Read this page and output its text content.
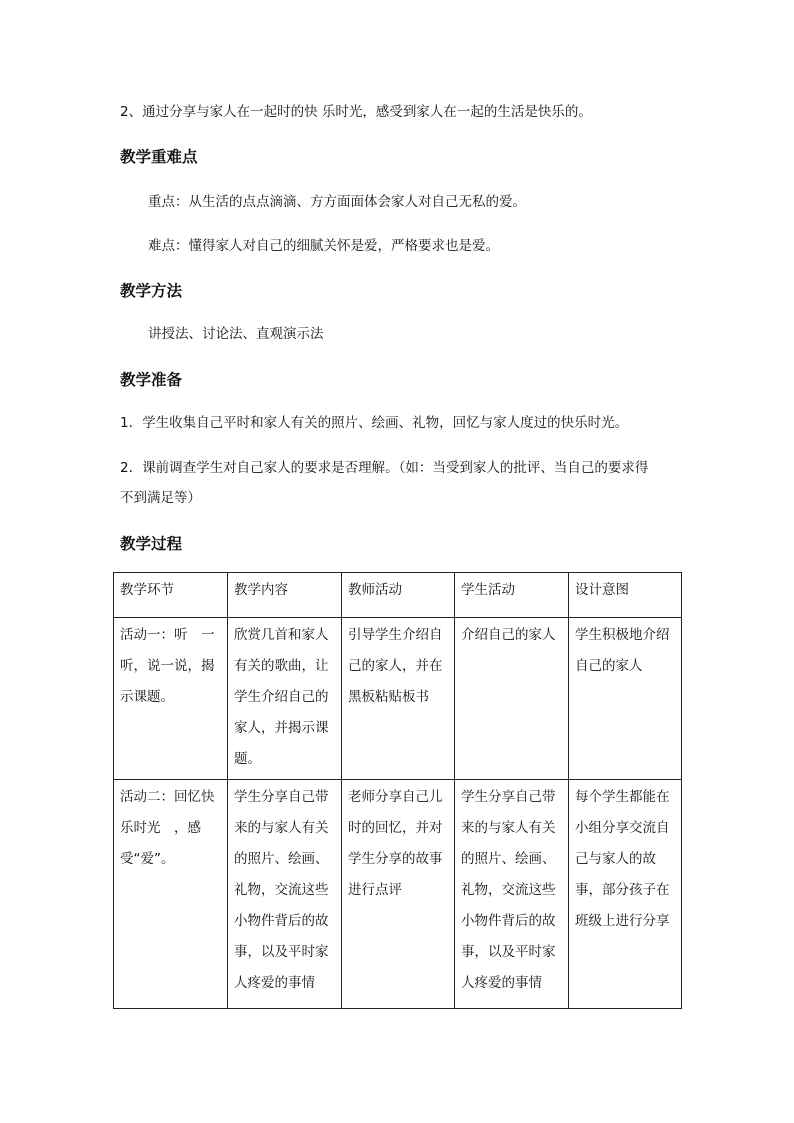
2、通过分享与家人在一起时的快 乐时光，感受到家人在一起的生活是快乐的。
教学重难点
重点：从生活的点点滴滴、方方面面体会家人对自己无私的爱。
难点：懂得家人对自己的细腻关怀是爱，严格要求也是爱。
教学方法
讲授法、讨论法、直观演示法
教学准备
1．学生收集自己平时和家人有关的照片、绘画、礼物，回忆与家人度过的快乐时光。
2．课前调查学生对自己家人的要求是否理解。（如：当受到家人的批评、当自己的要求得
不到满足等）
教学过程
教学环节	教学内容	教师活动	学生活动	设计意图
活动一：听　一听，说一说，揭示课题。	欣赏几首和家人有关的歌曲，让学生介绍自己的家人，并揭示课题。	引导学生介绍自己的家人，并在黑板粘贴板书	介绍自己的家人	学生积极地介绍自己的家人
活动二：回忆快乐时光　，感受“爱”。	学生分享自己带来的与家人有关的照片、绘画、礼物，交流这些小物件背后的故事，以及平时家人疼爱的事情	老师分享自己儿时的回忆，并对学生分享的故事进行点评	学生分享自己带来的与家人有关的照片、绘画、礼物，交流这些小物件背后的故事，以及平时家人疼爱的事情	每个学生都能在小组分享交流自己与家人的故事，部分孩子在班级上进行分享
